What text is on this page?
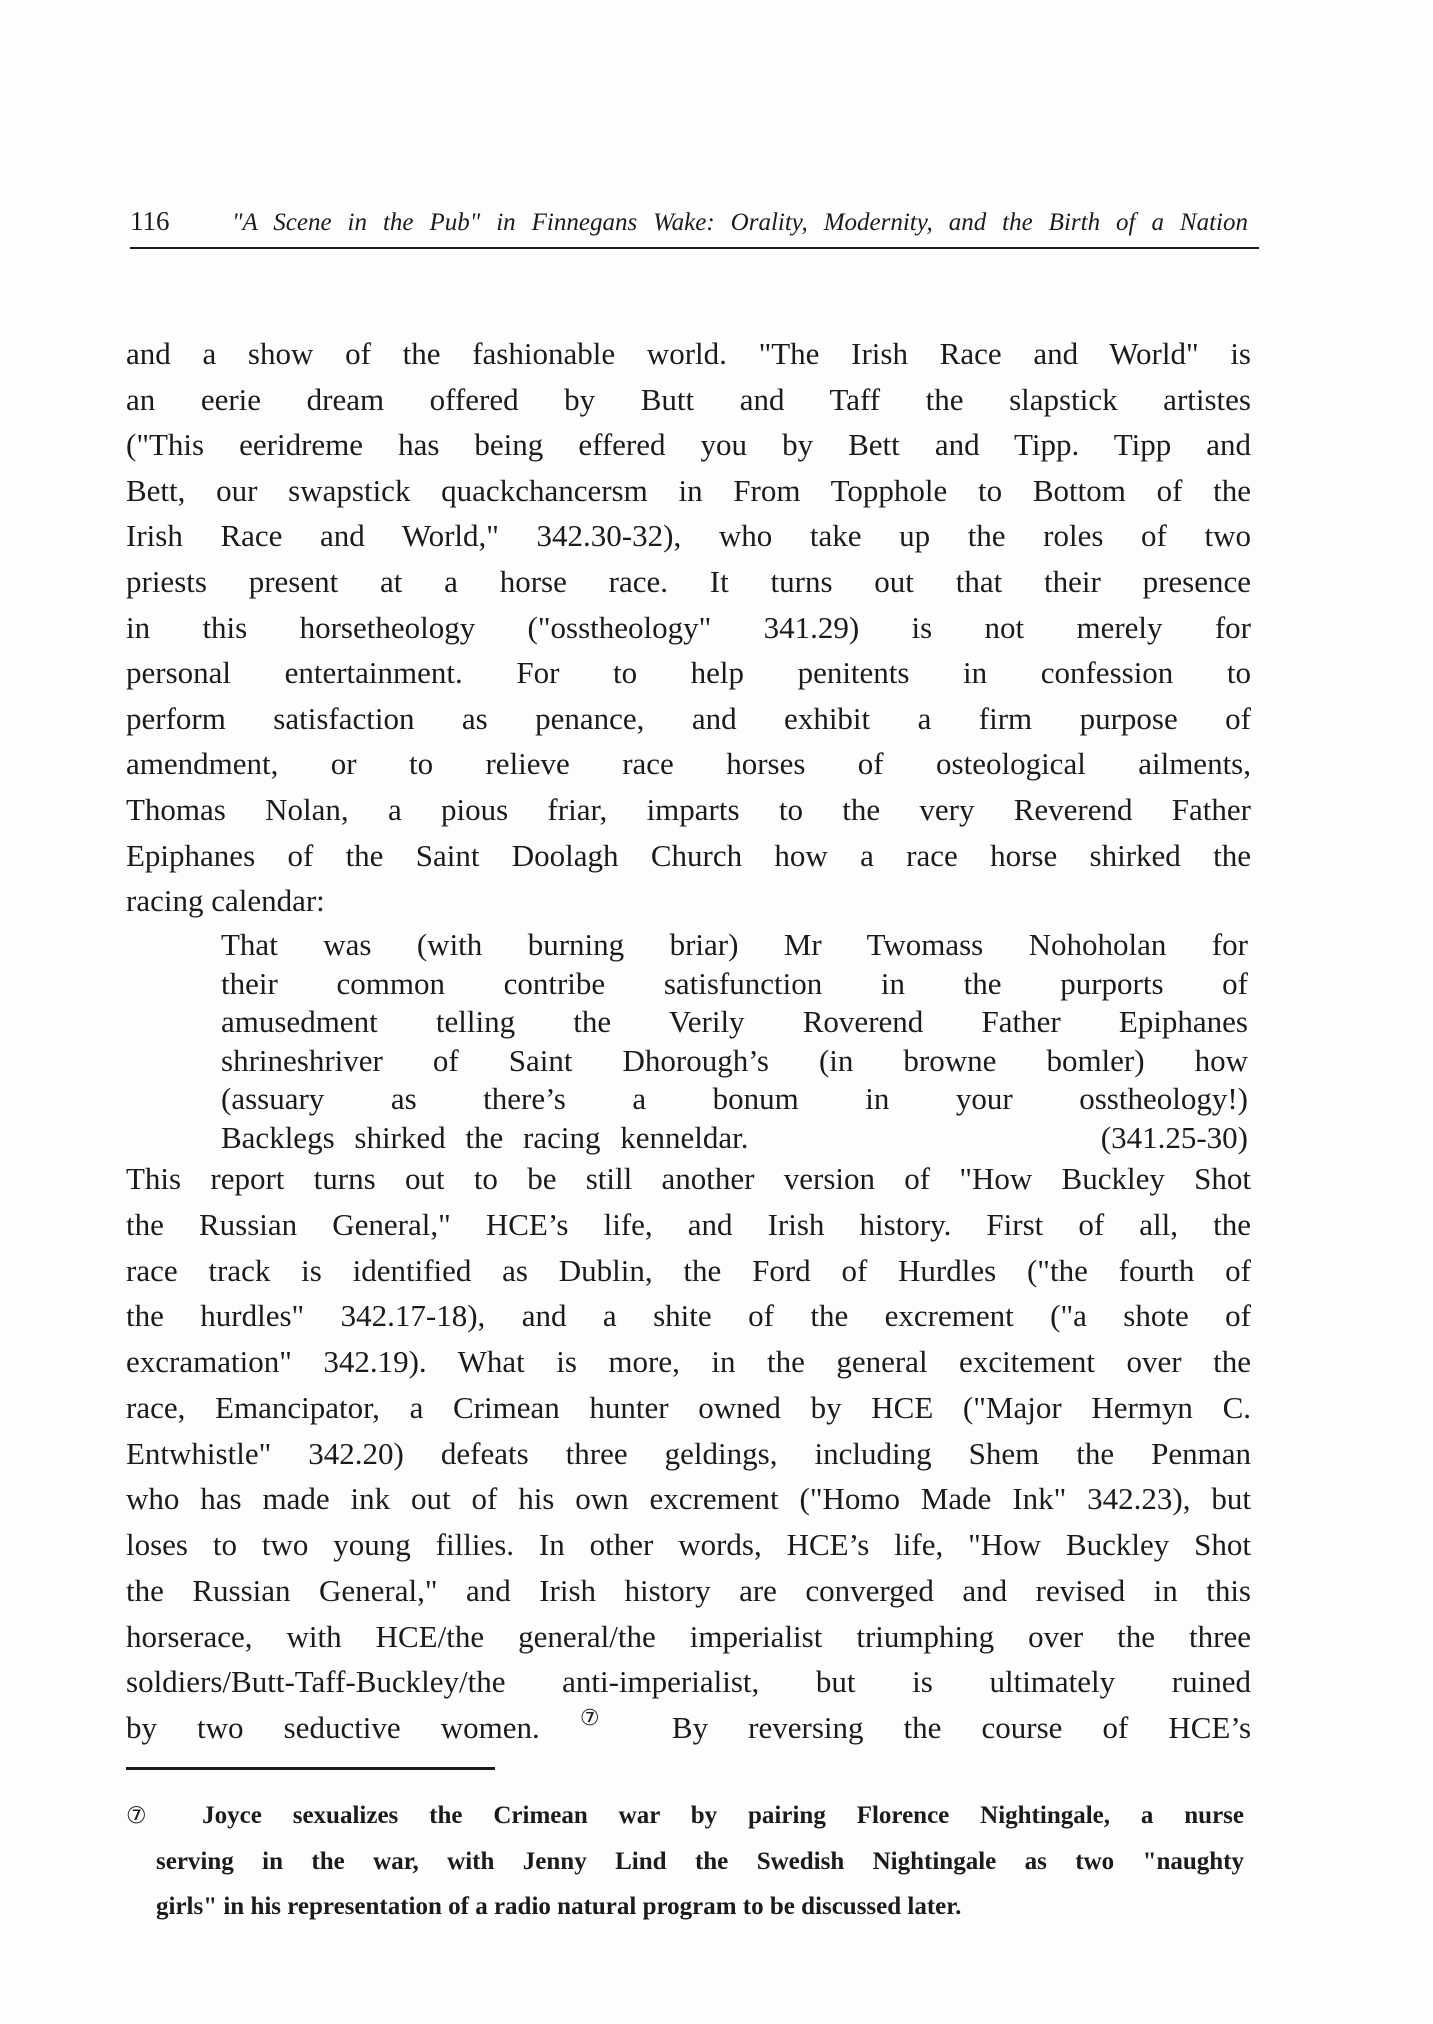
116	"A Scene in the Pub" in Finnegans Wake: Orality, Modernity, and the Birth of a Nation
and a show of the fashionable world. "The Irish Race and World" is
an eerie dream offered by Butt and Taff the slapstick artistes
("This eeridreme has being effered you by Bett and Tipp. Tipp and
Bett, our swapstick quackchancersm in From Topphole to Bottom of the
Irish Race and World," 342.30-32), who take up the roles of two
priests present at a horse race. It turns out that their presence
in this horsetheology ("osstheology" 341.29) is not merely for
personal entertainment. For to help penitents in confession to
perform satisfaction as penance, and exhibit a firm purpose of
amendment, or to relieve race horses of osteological ailments,
Thomas Nolan, a pious friar, imparts to the very Reverend Father
Epiphanes of the Saint Doolagh Church how a race horse shirked the
racing calendar:
That was (with burning briar) Mr Twomass Nohoholan for
their common contribe satisfunction in the purports of
amusedment telling the Verily Roverend Father Epiphanes
shrineshriver of Saint Dhorough’s (in browne bomler) how
(assuary as there’s a bonum in your osstheology!)
Backlegs shirked the racing kenneldar.	(341.25-30)
This report turns out to be still another version of "How Buckley Shot
the Russian General," HCE’s life, and Irish history. First of all, the
race track is identified as Dublin, the Ford of Hurdles ("the fourth of
the hurdles" 342.17-18), and a shite of the excrement ("a shote of
excramation" 342.19). What is more, in the general excitement over the
race, Emancipator, a Crimean hunter owned by HCE ("Major Hermyn C.
Entwhistle" 342.20) defeats three geldings, including Shem the Penman
who has made ink out of his own excrement ("Homo Made Ink" 342.23), but
loses to two young fillies. In other words, HCE’s life, "How Buckley Shot
the Russian General," and Irish history are converged and revised in this
horserace, with HCE/the general/the imperialist triumphing over the three
soldiers/Butt-Taff-Buckley/the anti-imperialist, but is ultimately ruined
by two seductive women. ⑦ By reversing the course of HCE’s
⑦ Joyce sexualizes the Crimean war by pairing Florence Nightingale, a nurse
serving in the war, with Jenny Lind the Swedish Nightingale as two "naughty
girls" in his representation of a radio natural program to be discussed later.
